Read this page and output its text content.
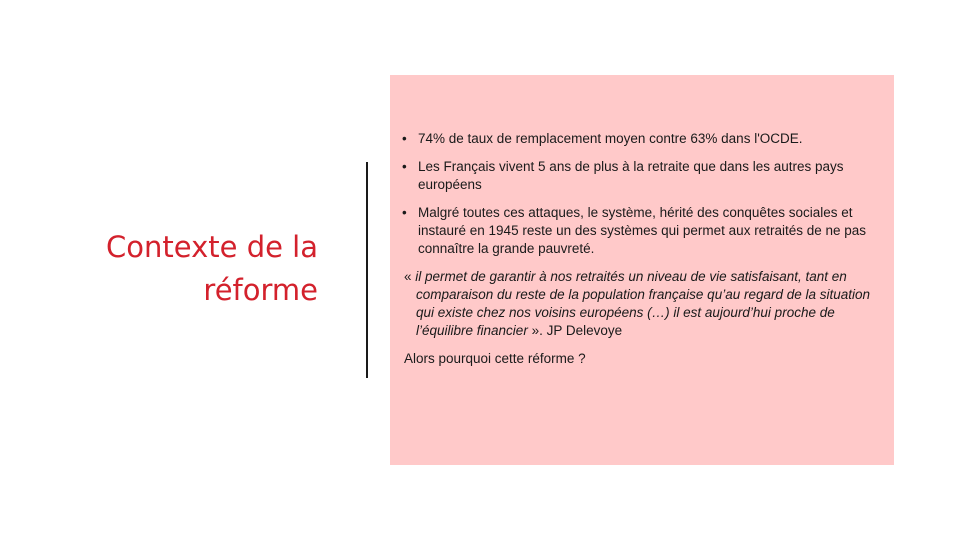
Contexte de la
réforme

• 74% de taux de remplacement moyen contre 63% dans l'OCDE.

• Les Français vivent 5 ans de plus à la retraite que dans les autres pays européens

• Malgré toutes ces attaques, le système, hérité des conquêtes sociales et instauré en 1945 reste un des systèmes qui permet aux retraités de ne pas connaître la grande pauvreté.

« il permet de garantir à nos retraités un niveau de vie satisfaisant, tant en comparaison du reste de la population française qu’au regard de la situation qui existe chez nos voisins européens (…) il est aujourd’hui proche de l’équilibre financier ». JP Delevoye

Alors pourquoi cette réforme ?
